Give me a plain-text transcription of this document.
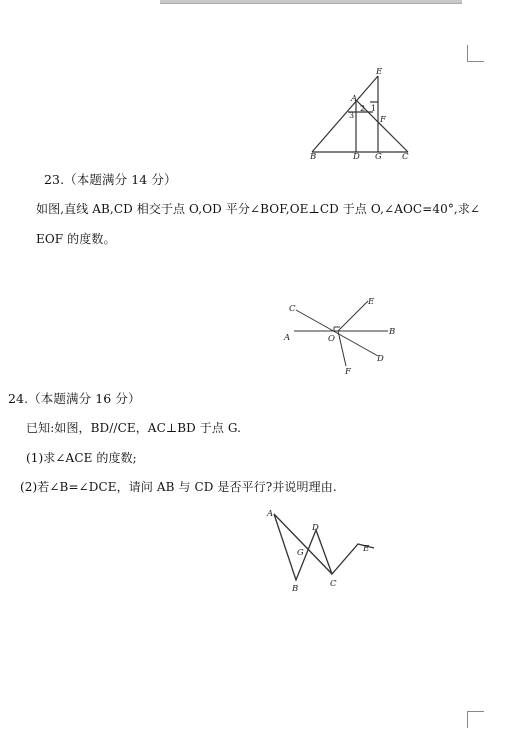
E
A
F
1
2
3
B	D G C
23.（本题满分 14 分）
如图,直线 AB,CD 相交于点 O,OD 平分∠BOF,OE⊥CD 于点 O,∠AOC=40°,求∠
EOF 的度数。
C
E
A	O
B
D
F
24.（本题满分 16 分）
已知:如图，BD//CE，AC⊥BD 于点 G.
(1)求∠ACE 的度数;
(2)若∠B=∠DCE，请问 AB 与 CD 是否平行?并说明理由.
A
D
E
G
B	C
